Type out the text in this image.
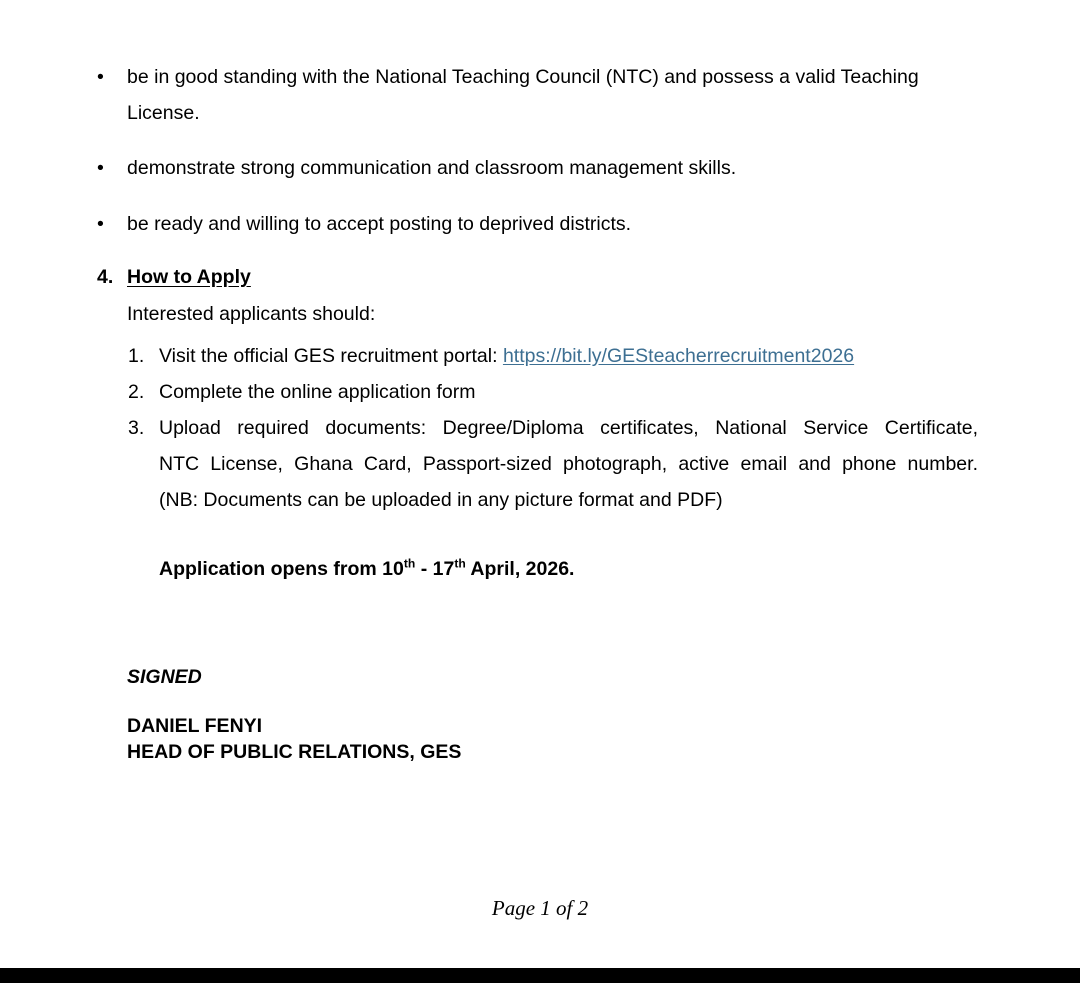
•	be in good standing with the National Teaching Council (NTC) and possess a valid Teaching License.
•	demonstrate strong communication and classroom management skills.
•	be ready and willing to accept posting to deprived districts.
4. How to Apply
Interested applicants should:
1. Visit the official GES recruitment portal: https://bit.ly/GESteacherrecruitment2026
2. Complete the online application form
3. Upload required documents: Degree/Diploma certificates, National Service Certificate,
NTC License, Ghana Card, Passport-sized photograph, active email and phone number.
(NB: Documents can be uploaded in any picture format and PDF)
Application opens from 10th - 17th April, 2026.
SIGNED
DANIEL FENYI
HEAD OF PUBLIC RELATIONS, GES
Page 1 of 2
